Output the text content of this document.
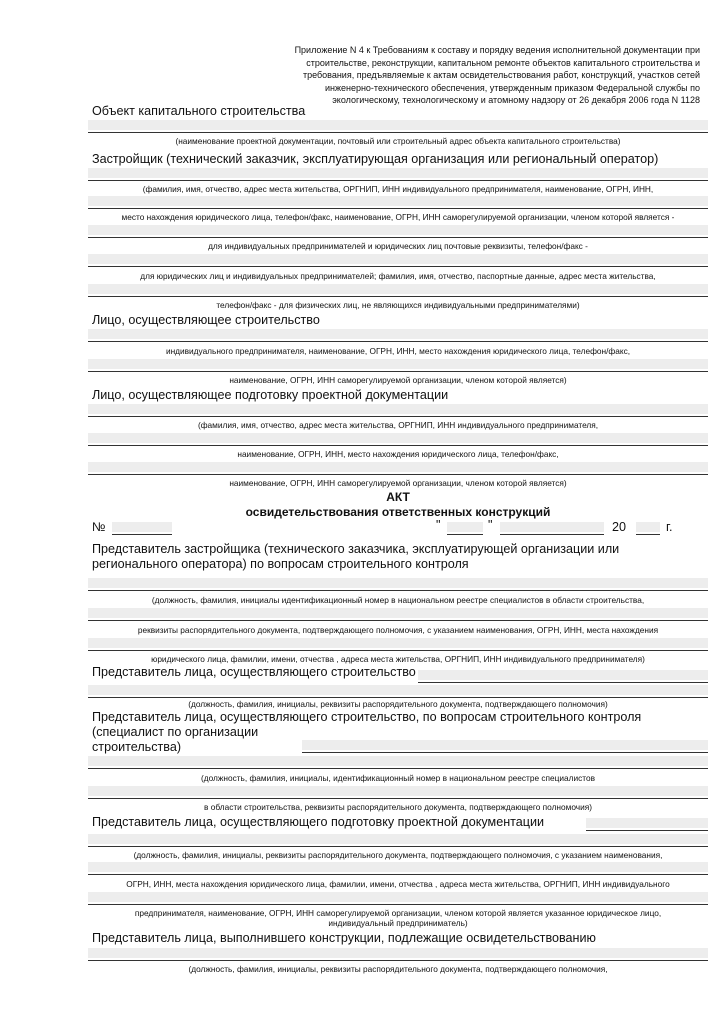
Приложение N 4 к Требованиям к составу и порядку ведения исполнительной документации при
строительстве, реконструкции, капитальном ремонте объектов капитального строительства и
требования, предъявляемые к актам освидетельствования работ, конструкций, участков сетей
инженерно-технического обеспечения, утвержденным приказом Федеральной службы по
экологическому, технологическому и атомному надзору от 26 декабря 2006 года N 1128
Объект капитального строительства
(наименование проектной документации, почтовый или строительный адрес объекта капитального строительства)
Застройщик (технический заказчик, эксплуатирующая организация или региональный оператор)
(фамилия, имя, отчество, адрес места жительства, ОРГНИП, ИНН индивидуального предпринимателя, наименование, ОГРН, ИНН,
место нахождения юридического лица, телефон/факс, наименование, ОГРН, ИНН саморегулируемой организации, членом которой является -
для индивидуальных предпринимателей и юридических лиц почтовые реквизиты, телефон/факс -
для юридических лиц и индивидуальных предпринимателей; фамилия, имя, отчество, паспортные данные, адрес места жительства,
телефон/факс - для физических лиц, не являющихся индивидуальными предпринимателями)
Лицо, осуществляющее строительство
индивидуального предпринимателя, наименование, ОГРН, ИНН, место нахождения юридического лица, телефон/факс,
наименование, ОГРН, ИНН саморегулируемой организации, членом которой является)
Лицо, осуществляющее подготовку проектной документации
(фамилия, имя, отчество, адрес места жительства, ОРГНИП, ИНН индивидуального предпринимателя,
наименование, ОГРН, ИНН, место нахождения юридического лица, телефон/факс,
наименование, ОГРН, ИНН саморегулируемой организации, членом которой является)
АКТ
освидетельствования ответственных конструкций
№	"	"	20	г.
Представитель застройщика (технического заказчика, эксплуатирующей организации или
регионального оператора) по вопросам строительного контроля
(должность, фамилия, инициалы идентификационный номер в национальном реестре специалистов в области строительства,
реквизиты распорядительного документа, подтверждающего полномочия, с указанием наименования, ОГРН, ИНН, места нахождения
юридического лица, фамилии, имени, отчества , адреса места жительства, ОРГНИП, ИНН индивидуального предпринимателя)
Представитель лица, осуществляющего строительство
(должность, фамилия, инициалы, реквизиты распорядительного документа, подтверждающего полномочия)
Представитель лица, осуществляющего строительство, по вопросам строительного контроля
(специалист по организации
строительства)
(должность, фамилия, инициалы, идентификационный номер в национальном реестре специалистов
в области строительства, реквизиты распорядительного документа, подтверждающего полномочия)
Представитель лица, осуществляющего подготовку проектной документации
(должность, фамилия, инициалы, реквизиты распорядительного документа, подтверждающего полномочия, с указанием наименования,
ОГРН, ИНН, места нахождения юридического лица, фамилии, имени, отчества , адреса места жительства, ОРГНИП, ИНН индивидуального
предпринимателя, наименование, ОГРН, ИНН саморегулируемой организации, членом которой является указанное юридическое лицо,
индивидуальный предприниматель)
Представитель лица, выполнившего конструкции, подлежащие освидетельствованию
(должность, фамилия, инициалы, реквизиты распорядительного документа, подтверждающего полномочия,
